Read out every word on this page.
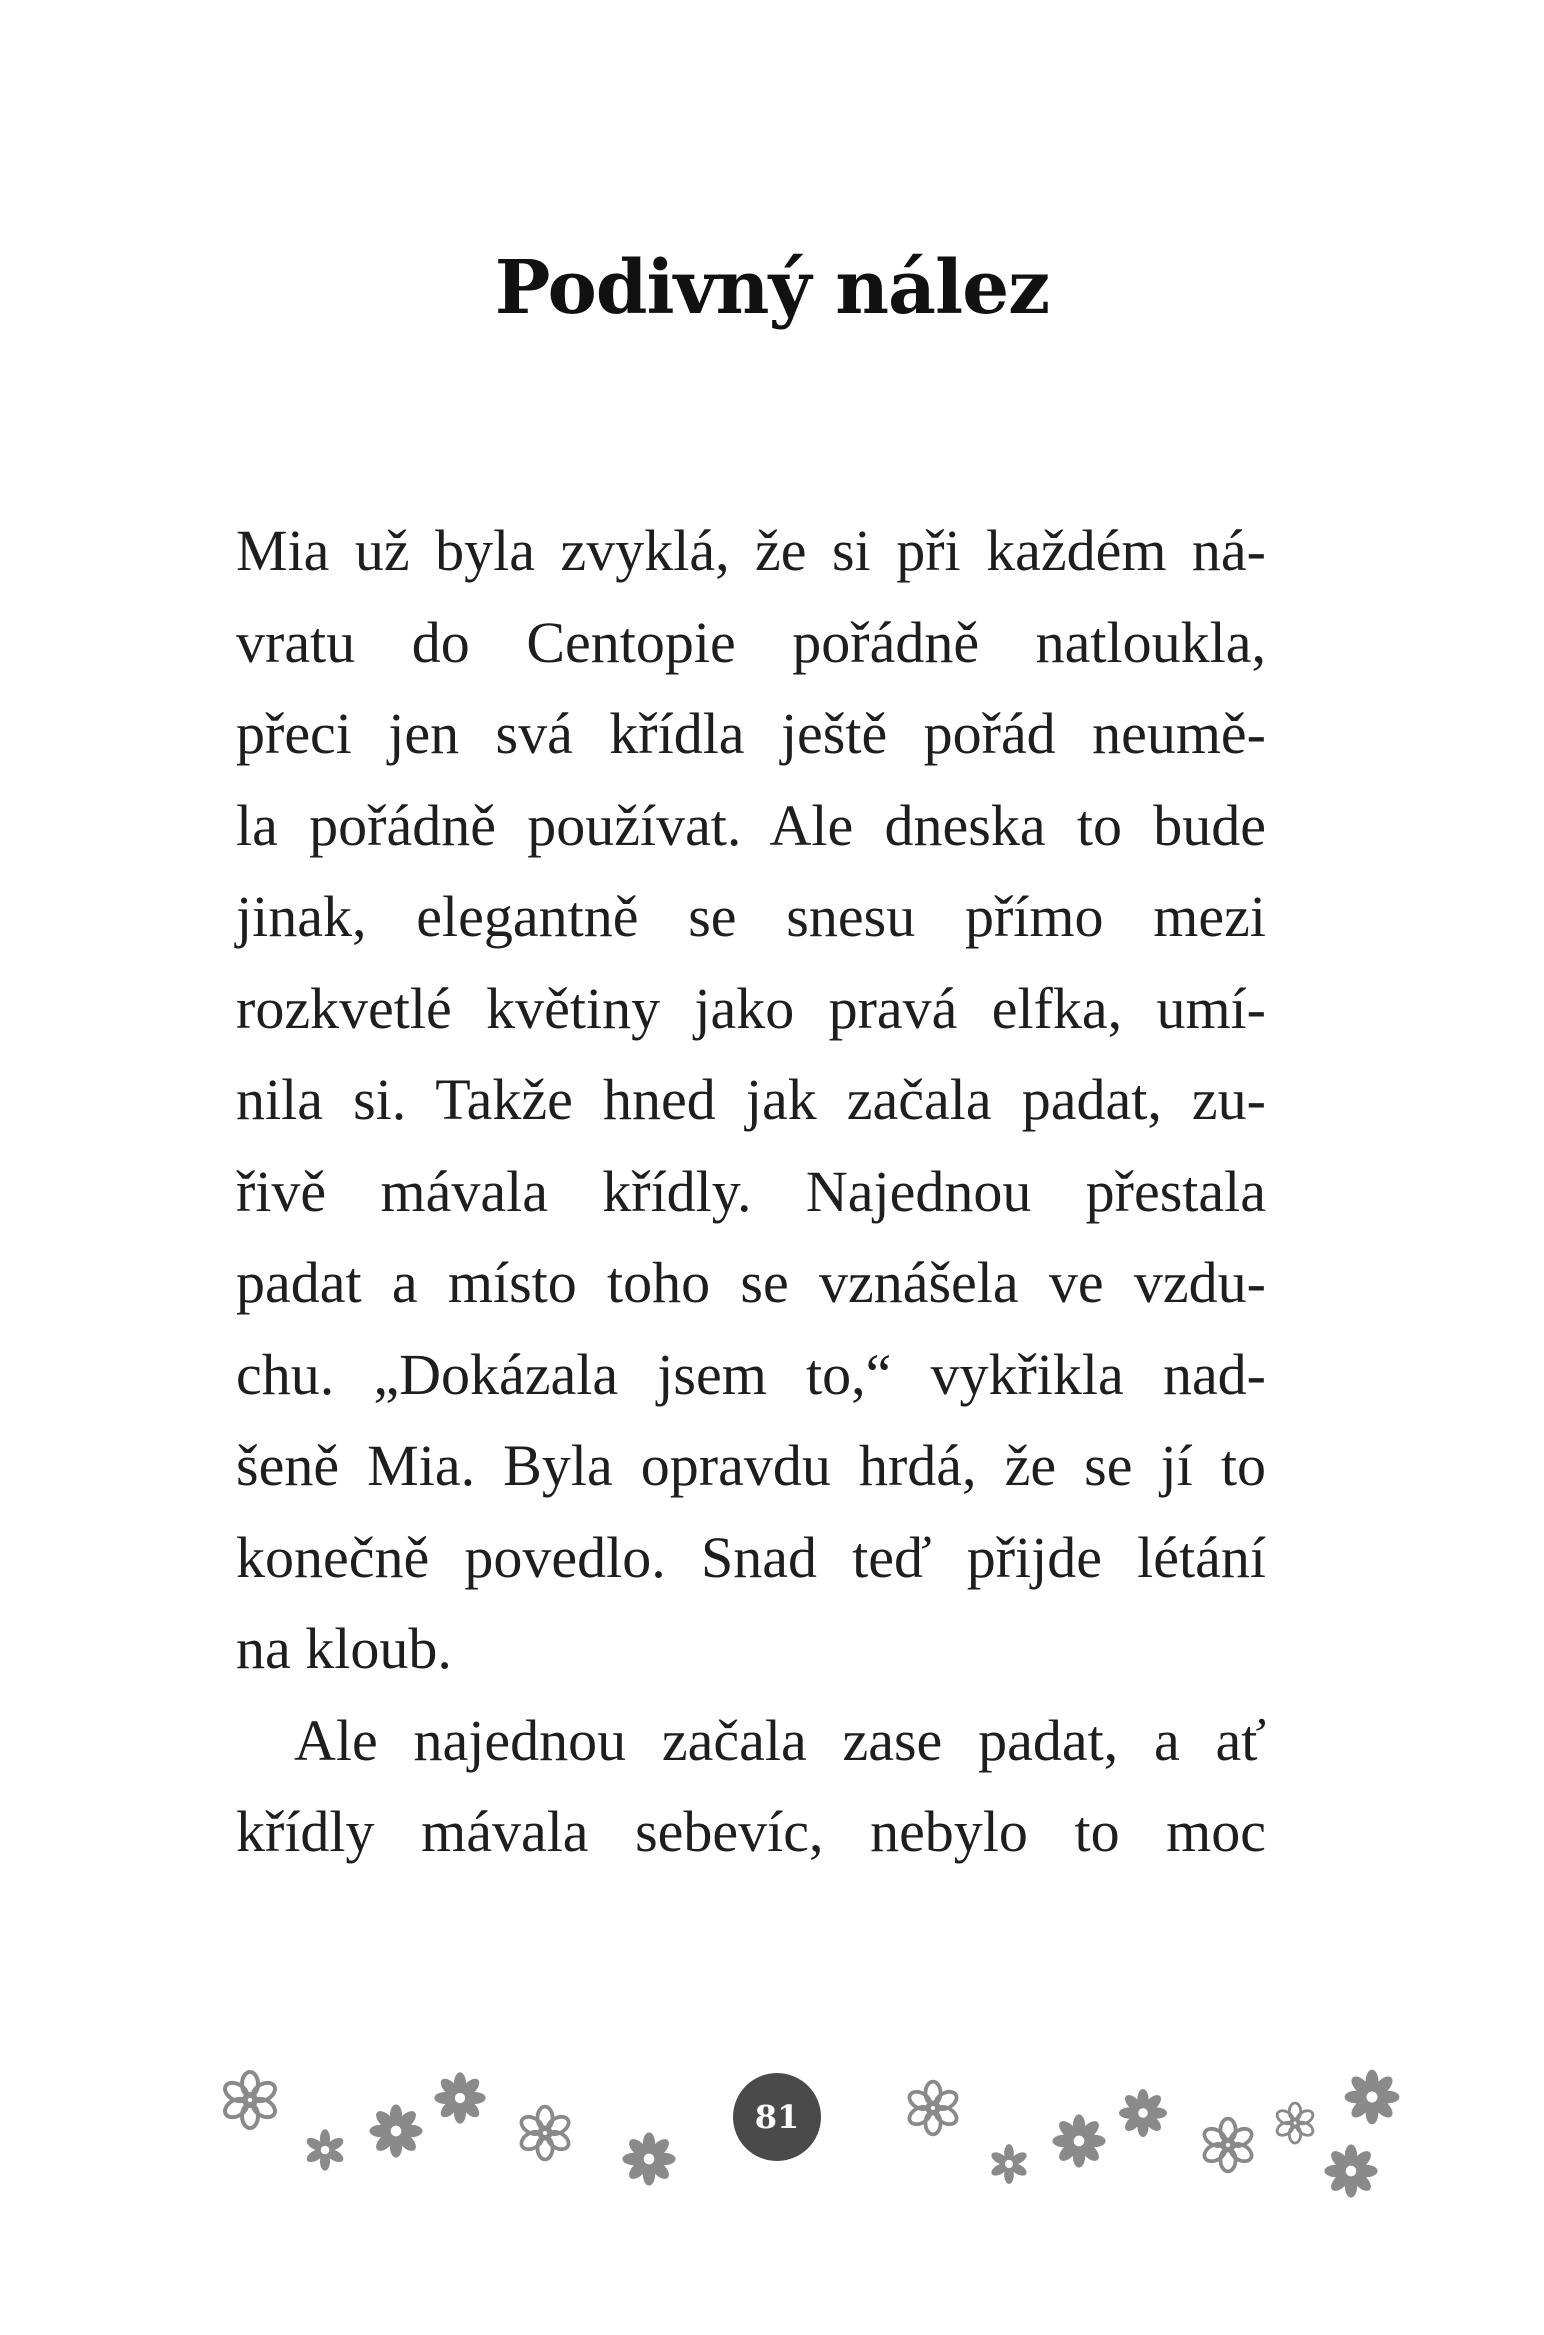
Podivný nález
Mia už byla zvyklá, že si při každém ná-
vratu do Centopie pořádně natloukla,
přeci jen svá křídla ještě pořád neumě-
la pořádně používat. Ale dneska to bude
jinak, elegantně se snesu přímo mezi
rozkvetlé květiny jako pravá elfka, umí-
nila si. Takže hned jak začala padat, zu-
řivě mávala křídly. Najednou přestala
padat a místo toho se vznášela ve vzdu-
chu. „Dokázala jsem to,“ vykřikla nad-
šeně Mia. Byla opravdu hrdá, že se jí to
konečně povedlo. Snad teď přijde létání
na kloub.
Ale najednou začala zase padat, a ať
křídly mávala sebevíc, nebylo to moc
81
